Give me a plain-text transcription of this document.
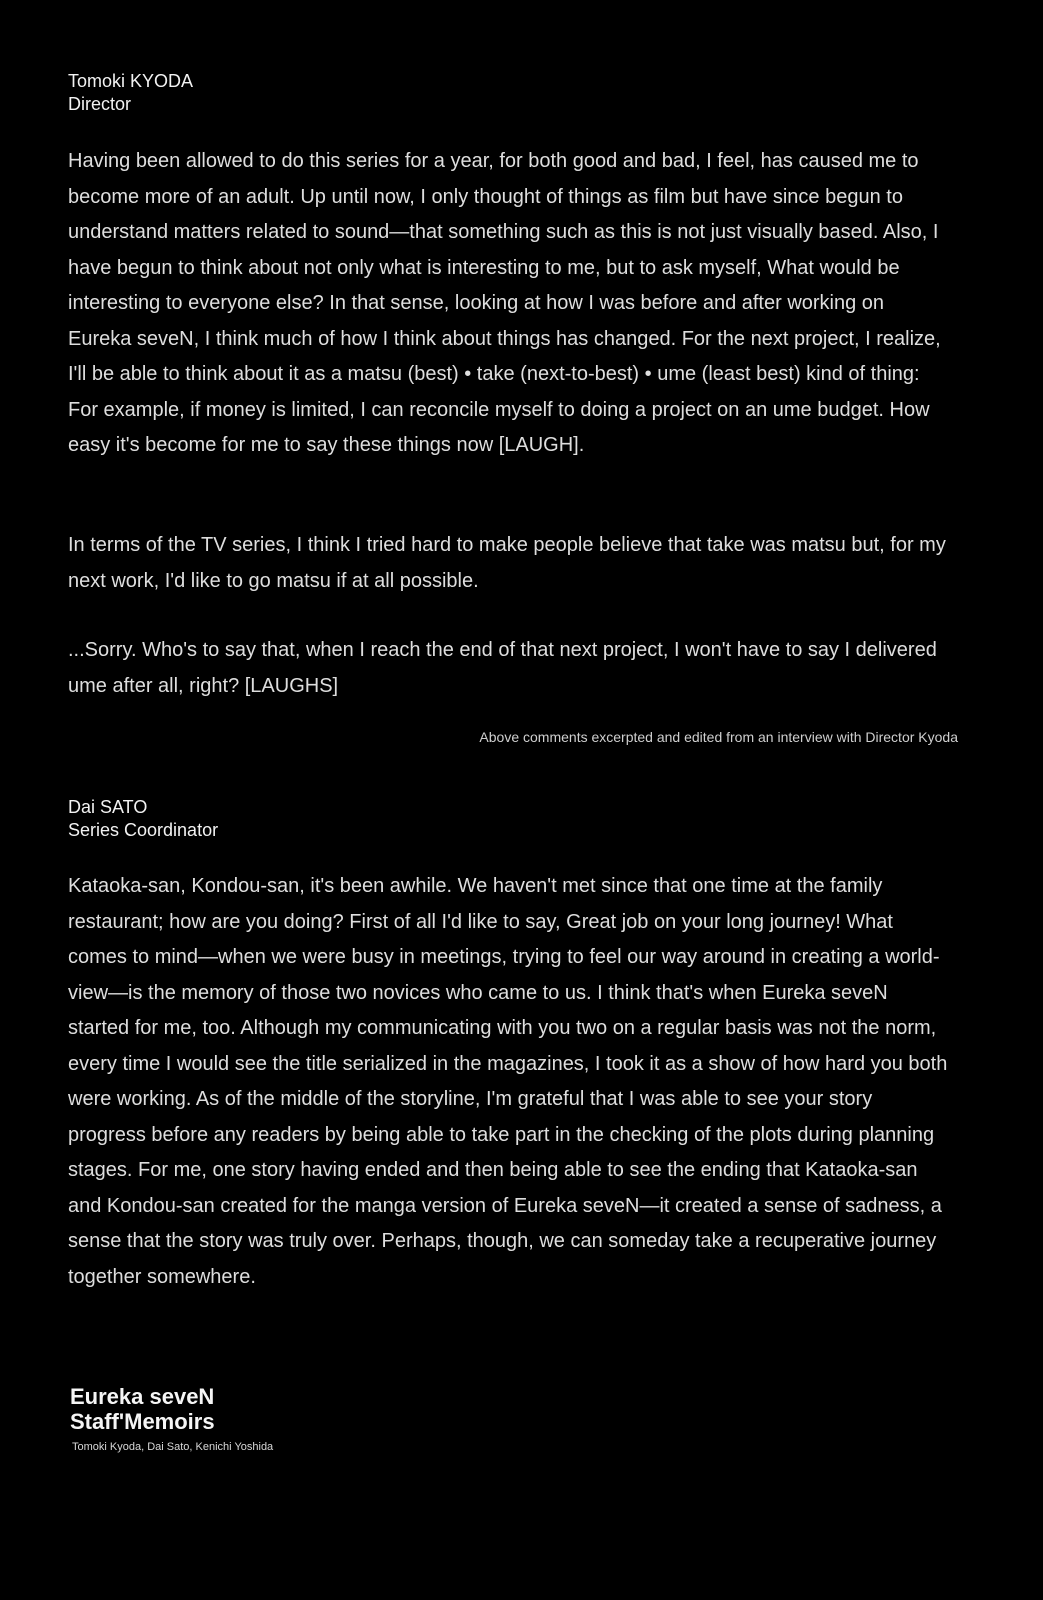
Tomoki KYODA
Director

Having been allowed to do this series for a year, for both good and bad, I feel, has caused me to become more of an adult. Up until now, I only thought of things as film but have since begun to understand matters related to sound—that something such as this is not just visually based. Also, I have begun to think about not only what is interesting to me, but to ask myself, What would be interesting to everyone else? In that sense, looking at how I was before and after working on Eureka seveN, I think much of how I think about things has changed. For the next project, I realize, I'll be able to think about it as a matsu (best) • take (next-to-best) • ume (least best) kind of thing: For example, if money is limited, I can reconcile myself to doing a project on an ume budget. How easy it's become for me to say these things now [LAUGH].

In terms of the TV series, I think I tried hard to make people believe that take was matsu but, for my next work, I'd like to go matsu if at all possible.

...Sorry. Who's to say that, when I reach the end of that next project, I won't have to say I delivered ume after all, right? [LAUGHS]

Above comments excerpted and edited from an interview with Director Kyoda
Dai SATO
Series Coordinator

Kataoka-san, Kondou-san, it's been awhile. We haven't met since that one time at the family restaurant; how are you doing? First of all I'd like to say, Great job on your long journey! What comes to mind—when we were busy in meetings, trying to feel our way around in creating a world-view—is the memory of those two novices who came to us. I think that's when Eureka seveN started for me, too. Although my communicating with you two on a regular basis was not the norm, every time I would see the title serialized in the magazines, I took it as a show of how hard you both were working. As of the middle of the storyline, I'm grateful that I was able to see your story progress before any readers by being able to take part in the checking of the plots during planning stages. For me, one story having ended and then being able to see the ending that Kataoka-san and Kondou-san created for the manga version of Eureka seveN—it created a sense of sadness, a sense that the story was truly over. Perhaps, though, we can someday take a recuperative journey together somewhere.

Eureka seveN
Staff'Memoirs
Tomoki Kyoda, Dai Sato, Kenichi Yoshida
